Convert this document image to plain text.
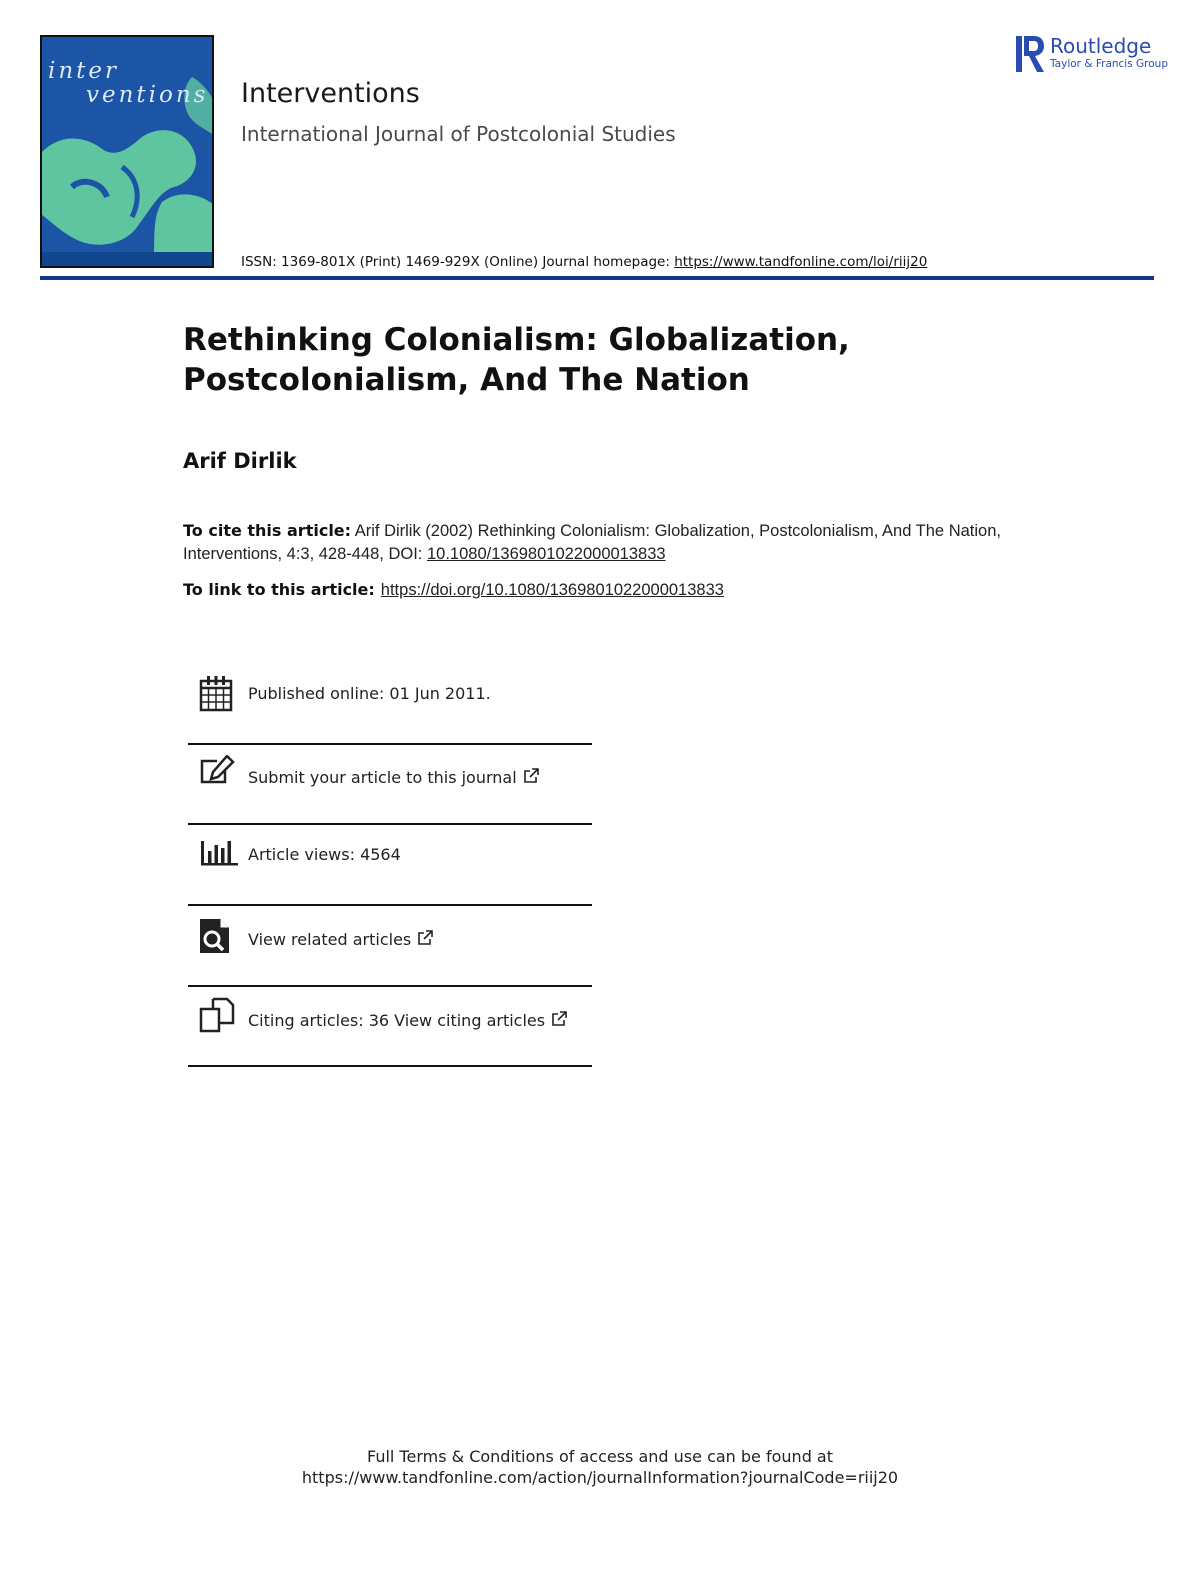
inter
ventions Interventions
International Journal of Postcolonial Studies
ISSN: 1369-801X (Print) 1469-929X (Online) Journal homepage: https://www.tandfonline.com/loi/riij20
Routledge
Taylor & Francis Group
Rethinking Colonialism: Globalization, Postcolonialism, And The Nation
Arif Dirlik
To cite this article: Arif Dirlik (2002) Rethinking Colonialism: Globalization, Postcolonialism, And The Nation, Interventions, 4:3, 428-448, DOI: 10.1080/1369801022000013833
To link to this article: https://doi.org/10.1080/1369801022000013833
Published online: 01 Jun 2011.
Submit your article to this journal
Article views: 4564
View related articles
Citing articles: 36 View citing articles
Full Terms & Conditions of access and use can be found at
https://www.tandfonline.com/action/journalInformation?journalCode=riij20
